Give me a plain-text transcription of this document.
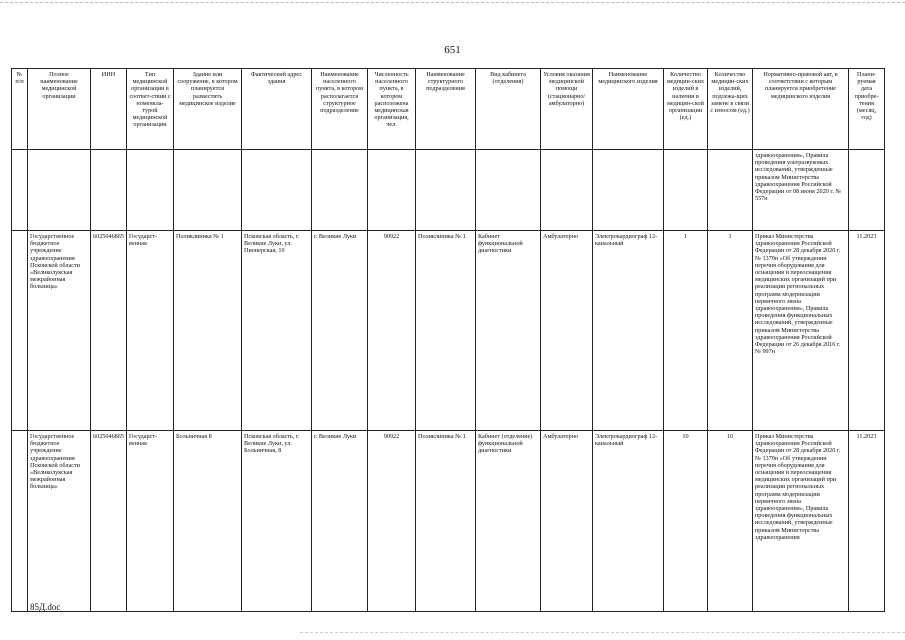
651
№ п/п	Полное наименование медицинской организации	ИНН	Тип медицинской организации в соответ-ствии с номенкла-турой медицинской организации	Здание или сооружение, в котором планируется разместить медицинское изделие	Фактический адрес здания	Наименование населенного пункта, в котором располагается структурное подразделение	Численность населенного пункта, в котором расположена медицинская организация, чел.	Наименование структурного подразделения	Вид кабинета (отделения)	Условия оказания медицинской помощи (стационарно/ амбулаторно)	Наименование медицинского изделия	Количество медицин-ских изделий в наличии в медицин-ской организации (ед.)	Количество медицин-ских изделий, подлежа-щих замене в связи с износом (ед.)	Нормативно-правовой акт, в соответствии с которым планируется приобретение медицинского изделия	Плани-руемая дата приобре-тения (месяц, год)
														здравоохранения», Правила проведения ультразвуковых исследований, утвержденные приказом Министерства здравоохранения Российской Федерации от 08 июня 2020 г. № 557н	
	Государственное бюджетное учреждение здравоохранения Псковской области «Великолукская межрайонная больница»	6025046865	Государст-венная	Поликлиника № 1	Псковская область, г. Великие Луки, ул. Пионерская, 10	г. Великие Луки	90922	Поликлиника № 1	Кабинет функциональной диагностики	Амбулаторно	Электрокардиограф 12-канальный	1	1	Приказ Министерства здравоохранения Российской Федерации от 28 декабря 2020 г. № 1379н «Об утверждении перечня оборудования для оснащения и переоснащения медицинских организаций при реализации региональных программ модернизации первичного звена здравоохранения», Правила проведения функциональных исследований, утвержденные приказом Министерства здравоохранения Российской Федерации от 26 декабря 2016 г. № 997н	11.2023
	Государственное бюджетное учреждение здравоохранения Псковской области «Великолукская межрайонная больница»	6025046865	Государст-венная	Больничная 8	Псковская область, г. Великие Луки, ул. Больничная, 8	г. Великие Луки	90922	Поликлиника № 1	Кабинет (отделение) функциональной диагностики	Амбулаторно	Электрокардиограф 12-канальный	10	10	Приказ Министерства здравоохранения Российской Федерации от 28 декабря 2020 г. № 1379н «Об утверждении перечня оборудования для оснащения и переоснащения медицинских организаций при реализации региональных программ модернизации первичного звена здравоохранения», Правила проведения функциональных исследований, утвержденные приказом Министерства здравоохранения	11.2023
85Д.doc
